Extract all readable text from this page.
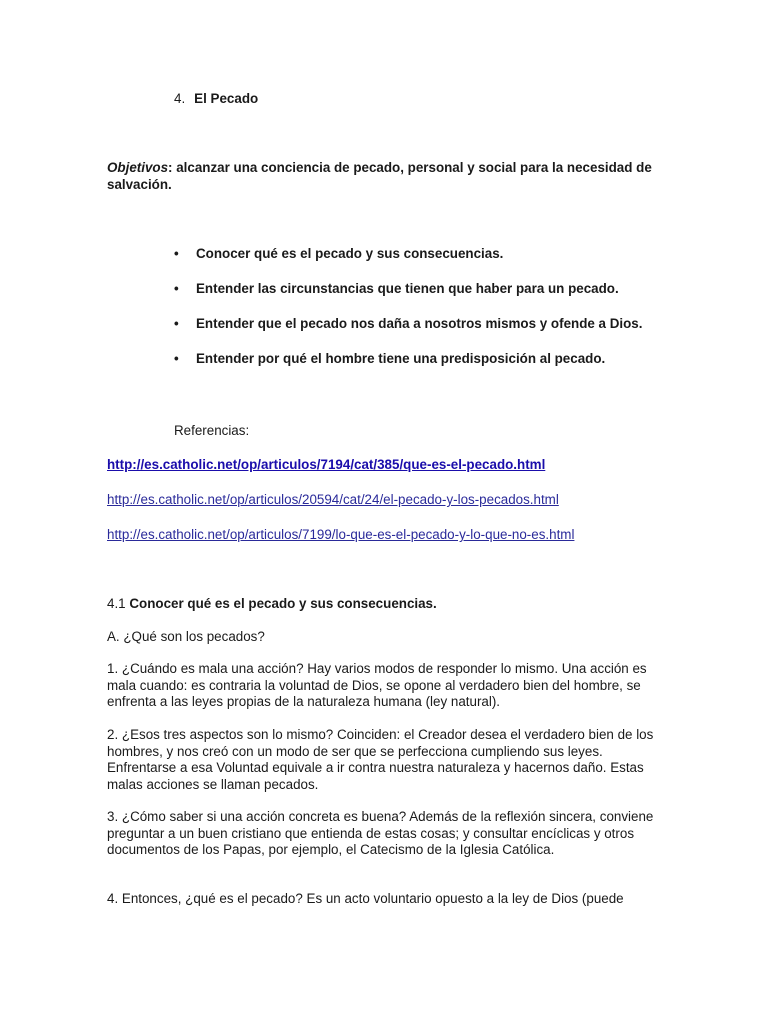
4. El Pecado
Objetivos: alcanzar una conciencia de pecado, personal y social para la necesidad de salvación.
• Conocer qué es el pecado y sus consecuencias.
• Entender las circunstancias que tienen que haber para un pecado.
• Entender que el pecado nos daña a nosotros mismos y ofende a Dios.
• Entender por qué el hombre tiene una predisposición al pecado.
Referencias:
http://es.catholic.net/op/articulos/7194/cat/385/que-es-el-pecado.html
http://es.catholic.net/op/articulos/20594/cat/24/el-pecado-y-los-pecados.html
http://es.catholic.net/op/articulos/7199/lo-que-es-el-pecado-y-lo-que-no-es.html
4.1 Conocer qué es el pecado y sus consecuencias.
A. ¿Qué son los pecados?
1. ¿Cuándo es mala una acción? Hay varios modos de responder lo mismo. Una acción es mala cuando: es contraria la voluntad de Dios, se opone al verdadero bien del hombre, se enfrenta a las leyes propias de la naturaleza humana (ley natural).
2. ¿Esos tres aspectos son lo mismo? Coinciden: el Creador desea el verdadero bien de los hombres, y nos creó con un modo de ser que se perfecciona cumpliendo sus leyes. Enfrentarse a esa Voluntad equivale a ir contra nuestra naturaleza y hacernos daño. Estas malas acciones se llaman pecados.
3. ¿Cómo saber si una acción concreta es buena? Además de la reflexión sincera, conviene preguntar a un buen cristiano que entienda de estas cosas; y consultar encíclicas y otros documentos de los Papas, por ejemplo, el Catecismo de la Iglesia Católica.
4. Entonces, ¿qué es el pecado? Es un acto voluntario opuesto a la ley de Dios (puede
